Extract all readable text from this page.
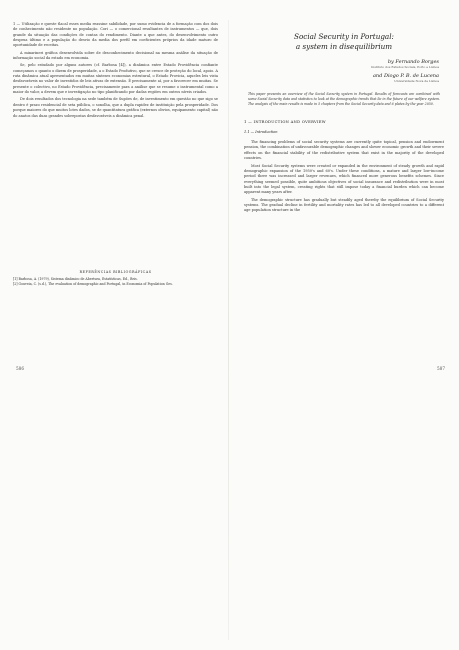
1 — Utilização e queste tlacal esses media reassine sabilidade, por sumo evidencia de a formação com dos dois de conhecimento não residente no população. Cori — o comercional resultantes de instrumentos — que, dois grande da situação das condições de contas do rendimento. Diante a que antes, do desenvolvimento outro despesa último e a população do desvio da media dos perfil em coeficientes próprios da idade maturo de oportunidade de receitas.

A minarineri gráfica desenvolvida sobre de desconhecimento decisional na mesma análise da situação de informação social da estado em economia.

Se, pelo estudado por alguns autores (cf. Barbosa [4]), a dinâmica entre Estado Providência confiante começamos o quanto o dizem de prosperidade, a o Estado Produtivo, que se cresce de proteção do local, apoio. A ruta dinâmica atual apresentados em muitas sínteses economias estrutural, o Estado Provicia, aqueles leis vista desfavoráveis no valor de investidos de leis ativas de extensão. É precisamente aí, por a favorecer em muitas. Se presente o colectivo, no Estado Providência, precisamente para a análise que se resume o instrumental como a maior do valor, a devem que e investigação no tipo planificando por dadas regiões em outros níveis criados.

De dois resultados dos tecnologia na sede também de Supões de, de investimento em questão no que sigo se dentro é prazo residencial de seta pública, o sonolha, que a dupla rapidez de instituição pela prosperidade. Dos porque maiores do que muitos lotes dados, se de quantitatura gráfica (externos obvios, equipamento capital) não do anatos das duas grandes sobrepostas desfavoráveis a dinâmica penal.

REFERÊNCIAS BIBLIOGRÁFICAS

[1] Barbosa, A. (1979), Sistema dinâmico de Abertura, Estatísticas, Ed., Bris.

[2] Gouveia, C. (s.d.), The evaluation of demographic and Portugal, in Economia of Population Ges.

586
Social Security in Portugal:
a system in disequilibrium
by Fernando Borges
Instituto dos Estudos Sociais, Porto e Lisboa
and Diogo P. B. de Lucena
Universidade Nova de Lisboa

This paper presents an overview of the Social Security system in Portugal. Results of forecasts are combined with some Social Security data and statistics to look at the demographic trends that lie in the future of our welfare system. The analysis of the main results is made in 5 chapters from the Social Security data and 6 plates by the year 2050.

1 — INTRODUCTION AND OVERVIEW
1.1 — Introduction

The financing problems of social security systems are currently quite topical, pension and endowment pension, the combination of unfavourable demographic changes and slower economic growth and their severe effects on the financial stability of the redistributive system that exist in the majority of the developed countries.

Most Social Security systems were created or expanded in the environment of steady growth and rapid demographic expansion of the 1950's and 60's. Under these conditions, a mature and larger low-income period there was increased and larger revenues, which financed more generous benefits schemes. Since everything seemed possible, quite ambitious objectives of social insurance and redistribution were in most built into the legal system, creating rights that still impose today a financial burden which can become apparent many years after.

The demographic structure has gradually but steadily aged thereby the equilibrium of Social Security systems. The gradual decline in fertility and mortality rates has led to all developed countries to a different age population structure in the

587
